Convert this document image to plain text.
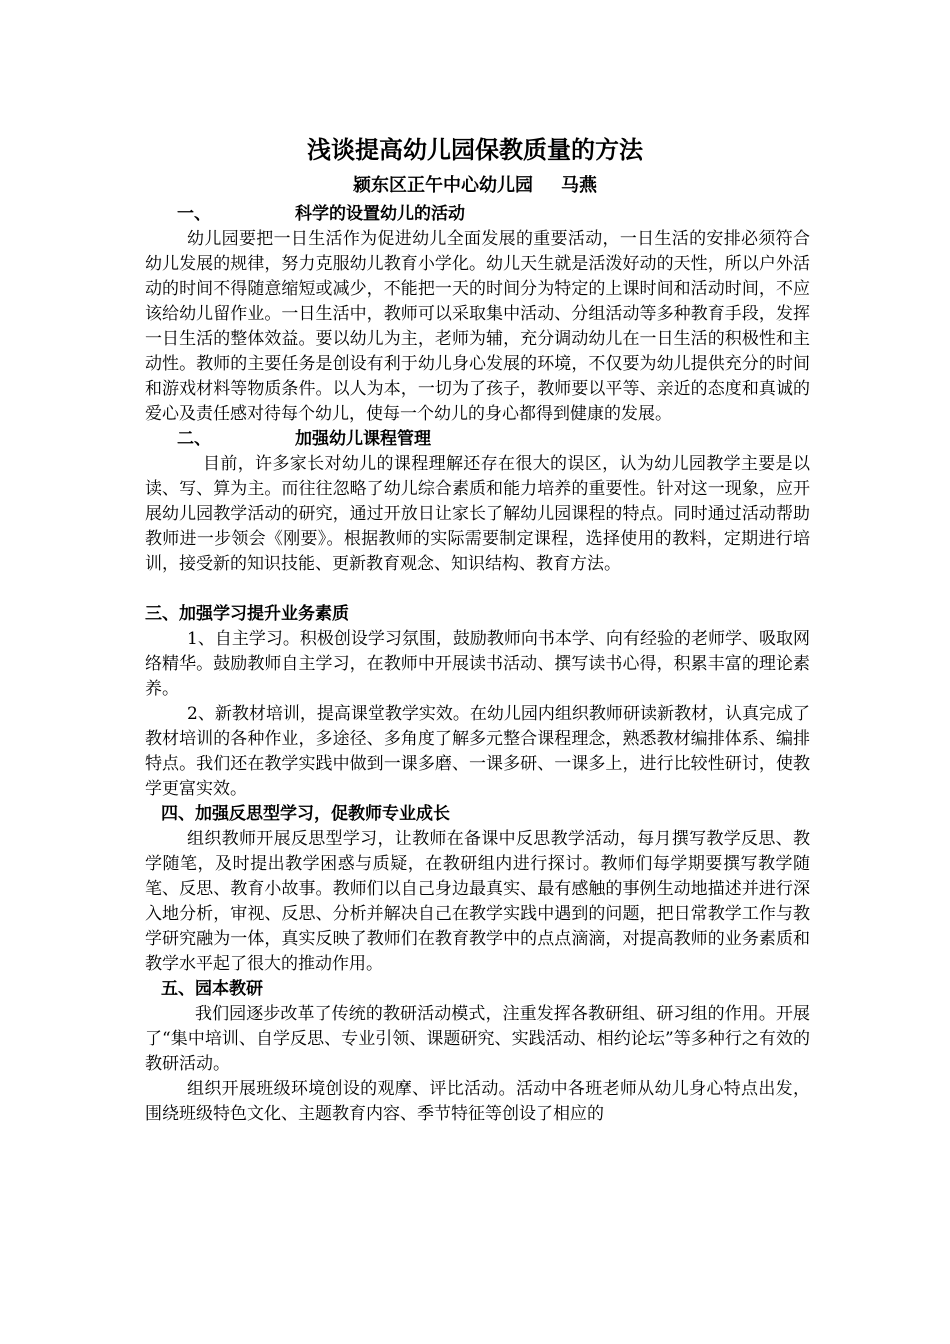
浅谈提高幼儿园保教质量的方法
颍东区正午中心幼儿园 马燕
一、	科学的设置幼儿的活动

幼儿园要把一日生活作为促进幼儿全面发展的重要活动，一日生活的安排必须符合幼儿发展的规律，努力克服幼儿教育小学化。幼儿天生就是活泼好动的天性，所以户外活动的时间不得随意缩短或减少，不能把一天的时间分为特定的上课时间和活动时间，不应该给幼儿留作业。一日生活中，教师可以采取集中活动、分组活动等多种教育手段，发挥一日生活的整体效益。要以幼儿为主，老师为辅，充分调动幼儿在一日生活的积极性和主动性。教师的主要任务是创设有利于幼儿身心发展的环境，不仅要为幼儿提供充分的时间和游戏材料等物质条件。以人为本，一切为了孩子，教师要以平等、亲近的态度和真诚的爱心及责任感对待每个幼儿，使每一个幼儿的身心都得到健康的发展。

二、	加强幼儿课程管理

目前，许多家长对幼儿的课程理解还存在很大的误区，认为幼儿园教学主要是以读、写、算为主。而往往忽略了幼儿综合素质和能力培养的重要性。针对这一现象，应开展幼儿园教学活动的研究，通过开放日让家长了解幼儿园课程的特点。同时通过活动帮助教师进一步领会《刚要》。根据教师的实际需要制定课程，选择使用的教料，定期进行培训，接受新的知识技能、更新教育观念、知识结构、教育方法。

三、加强学习提升业务素质

1、自主学习。积极创设学习氛围，鼓励教师向书本学、向有经验的老师学、吸取网络精华。鼓励教师自主学习，在教师中开展读书活动、撰写读书心得，积累丰富的理论素养。

2、新教材培训，提高课堂教学实效。在幼儿园内组织教师研读新教材，认真完成了教材培训的各种作业，多途径、多角度了解多元整合课程理念，熟悉教材编排体系、编排特点。我们还在教学实践中做到一课多磨、一课多研、一课多上，进行比较性研讨，使教学更富实效。

四、加强反思型学习，促教师专业成长

组织教师开展反思型学习，让教师在备课中反思教学活动，每月撰写教学反思、教学随笔，及时提出教学困惑与质疑，在教研组内进行探讨。教师们每学期要撰写教学随笔、反思、教育小故事。教师们以自己身边最真实、最有感触的事例生动地描述并进行深入地分析，审视、反思、分析并解决自己在教学实践中遇到的问题，把日常教学工作与教学研究融为一体，真实反映了教师们在教育教学中的点点滴滴，对提高教师的业务素质和教学水平起了很大的推动作用。

五、园本教研

我们园逐步改革了传统的教研活动模式，注重发挥各教研组、研习组的作用。开展了“集中培训、自学反思、专业引领、课题研究、实践活动、相约论坛”等多种行之有效的教研活动。

组织开展班级环境创设的观摩、评比活动。活动中各班老师从幼儿身心特点出发，围绕班级特色文化、主题教育内容、季节特征等创设了相应的
